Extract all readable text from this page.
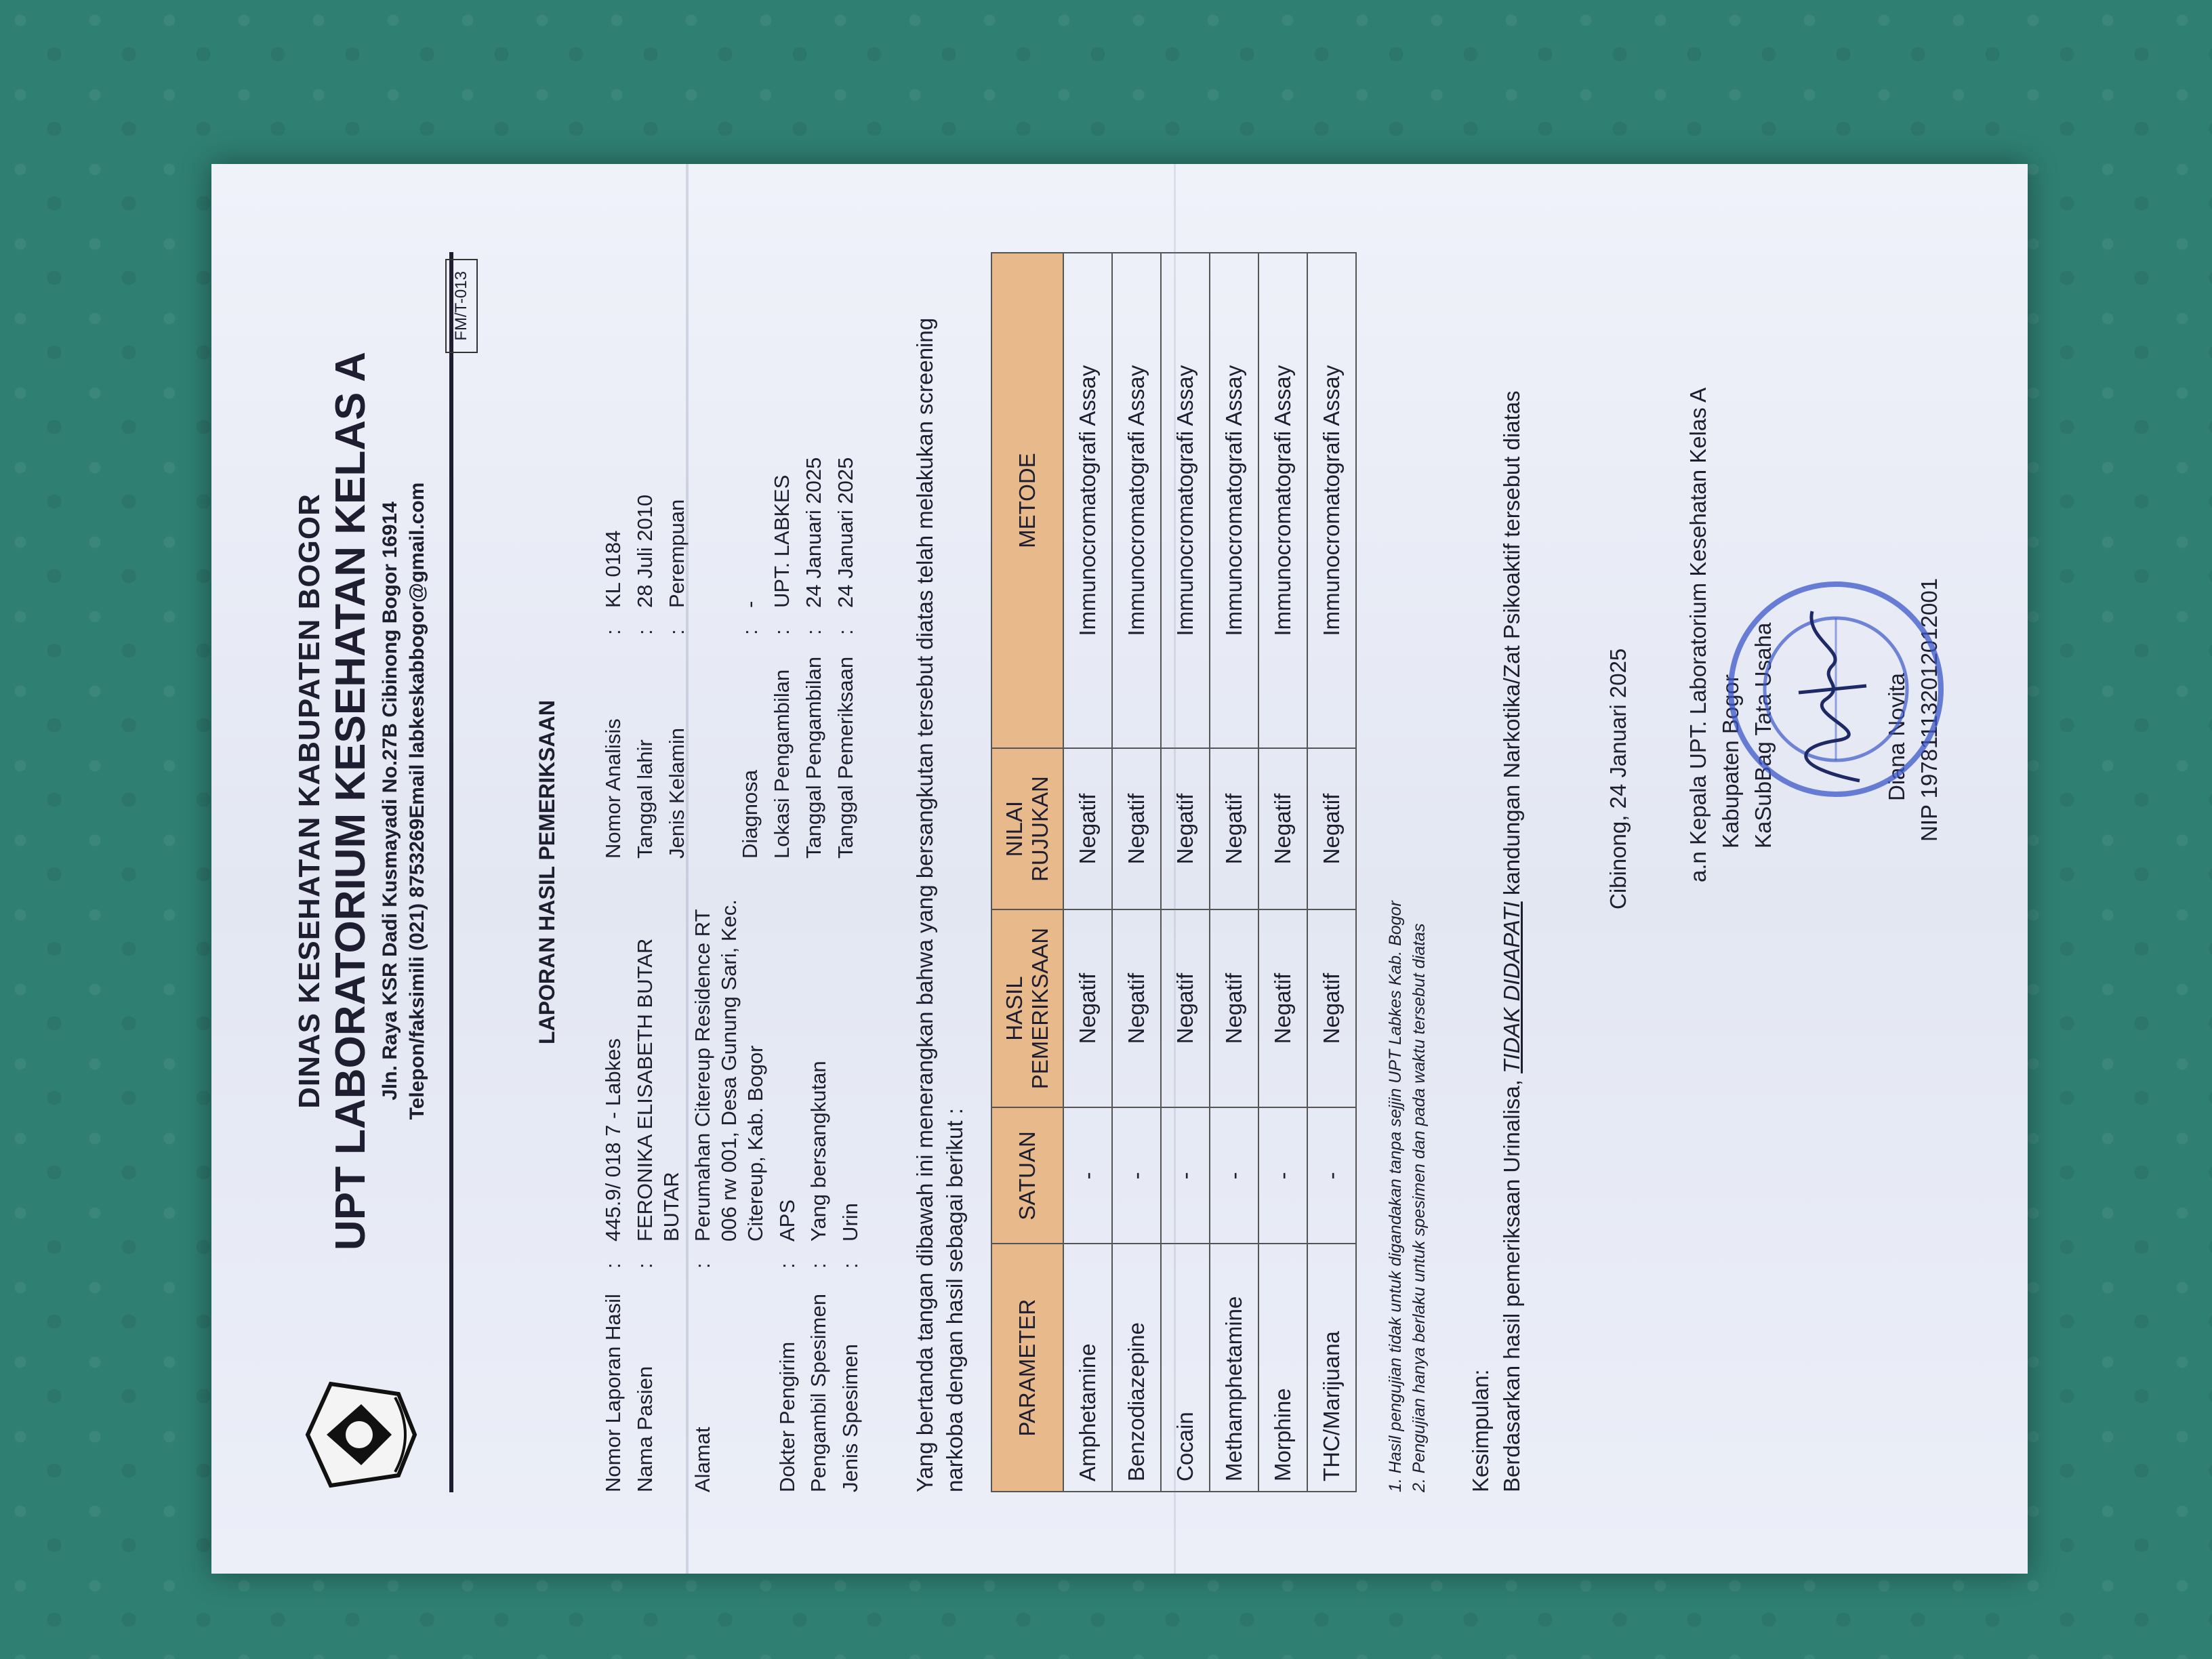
DINAS KESEHATAN KABUPATEN BOGOR UPT LABORATORIUM KESEHATAN KELAS A Jln. Raya KSR Dadi Kusmayadi No.27B Cibinong Bogor 16914 Telepon/faksimili (021) 8753269Email labkeskabbogor@gmail.com
FM/T-013
LAPORAN HASIL PEMERIKSAAN
Nomor Laporan Hasil
:
445.9/ 018 7 - Labkes
Nama Pasien
:
FERONIKA ELISABETH BUTAR BUTAR
Alamat
:
Perumahan Citereup Residence RT 006 rw 001, Desa Gunung Sari, Kec. Citereup, Kab. Bogor
Dokter Pengirim
:
APS
Pengambil Spesimen
:
Yang bersangkutan
Jenis Spesimen
:
Urin
Nomor Analisis
:
KL 0184
Tanggal lahir
:
28 Juli 2010
Jenis Kelamin
:
Perempuan
Diagnosa
:
-
Lokasi Pengambilan
:
UPT. LABKES
Tanggal Pengambilan
:
24 Januari 2025
Tanggal Pemeriksaan
:
24 Januari 2025 Yang bertanda tangan dibawah ini menerangkan bahwa yang bersangkutan tersebut diatas telah melakukan screening narkoba dengan hasil sebagai berikut : PARAMETER	SATUAN	HASIL PEMERIKSAAN	NILAI RUJUKAN	METODE
Amphetamine	-	Negatif	Negatif	Immunocromatografi Assay
Benzodiazepine	-	Negatif	Negatif	Immunocromatografi Assay
Cocain	-	Negatif	Negatif	Immunocromatografi Assay
Methamphetamine	-	Negatif	Negatif	Immunocromatografi Assay
Morphine	-	Negatif	Negatif	Immunocromatografi Assay
THC/Marijuana	-	Negatif	Negatif	Immunocromatografi Assay
1. Hasil pengujian tidak untuk digandakan tanpa sejjin UPT Labkes Kab. Bogor 2. Pengujian hanya berlaku untuk spesimen dan pada waktu tersebut diatas Kesimpulan: Berdasarkan hasil pemeriksaan Urinalisa, TIDAK DIDAPATI kandungan Narkotika/Zat Psikoaktif tersebut diatas	Cibinong, 24 Januari 2025 a.n Kepala UPT. Laboratorium Kesehatan Kelas A Kabupaten Bogor KaSubBag Tata Usaha	Diana Novita NIP 197811132012012001
